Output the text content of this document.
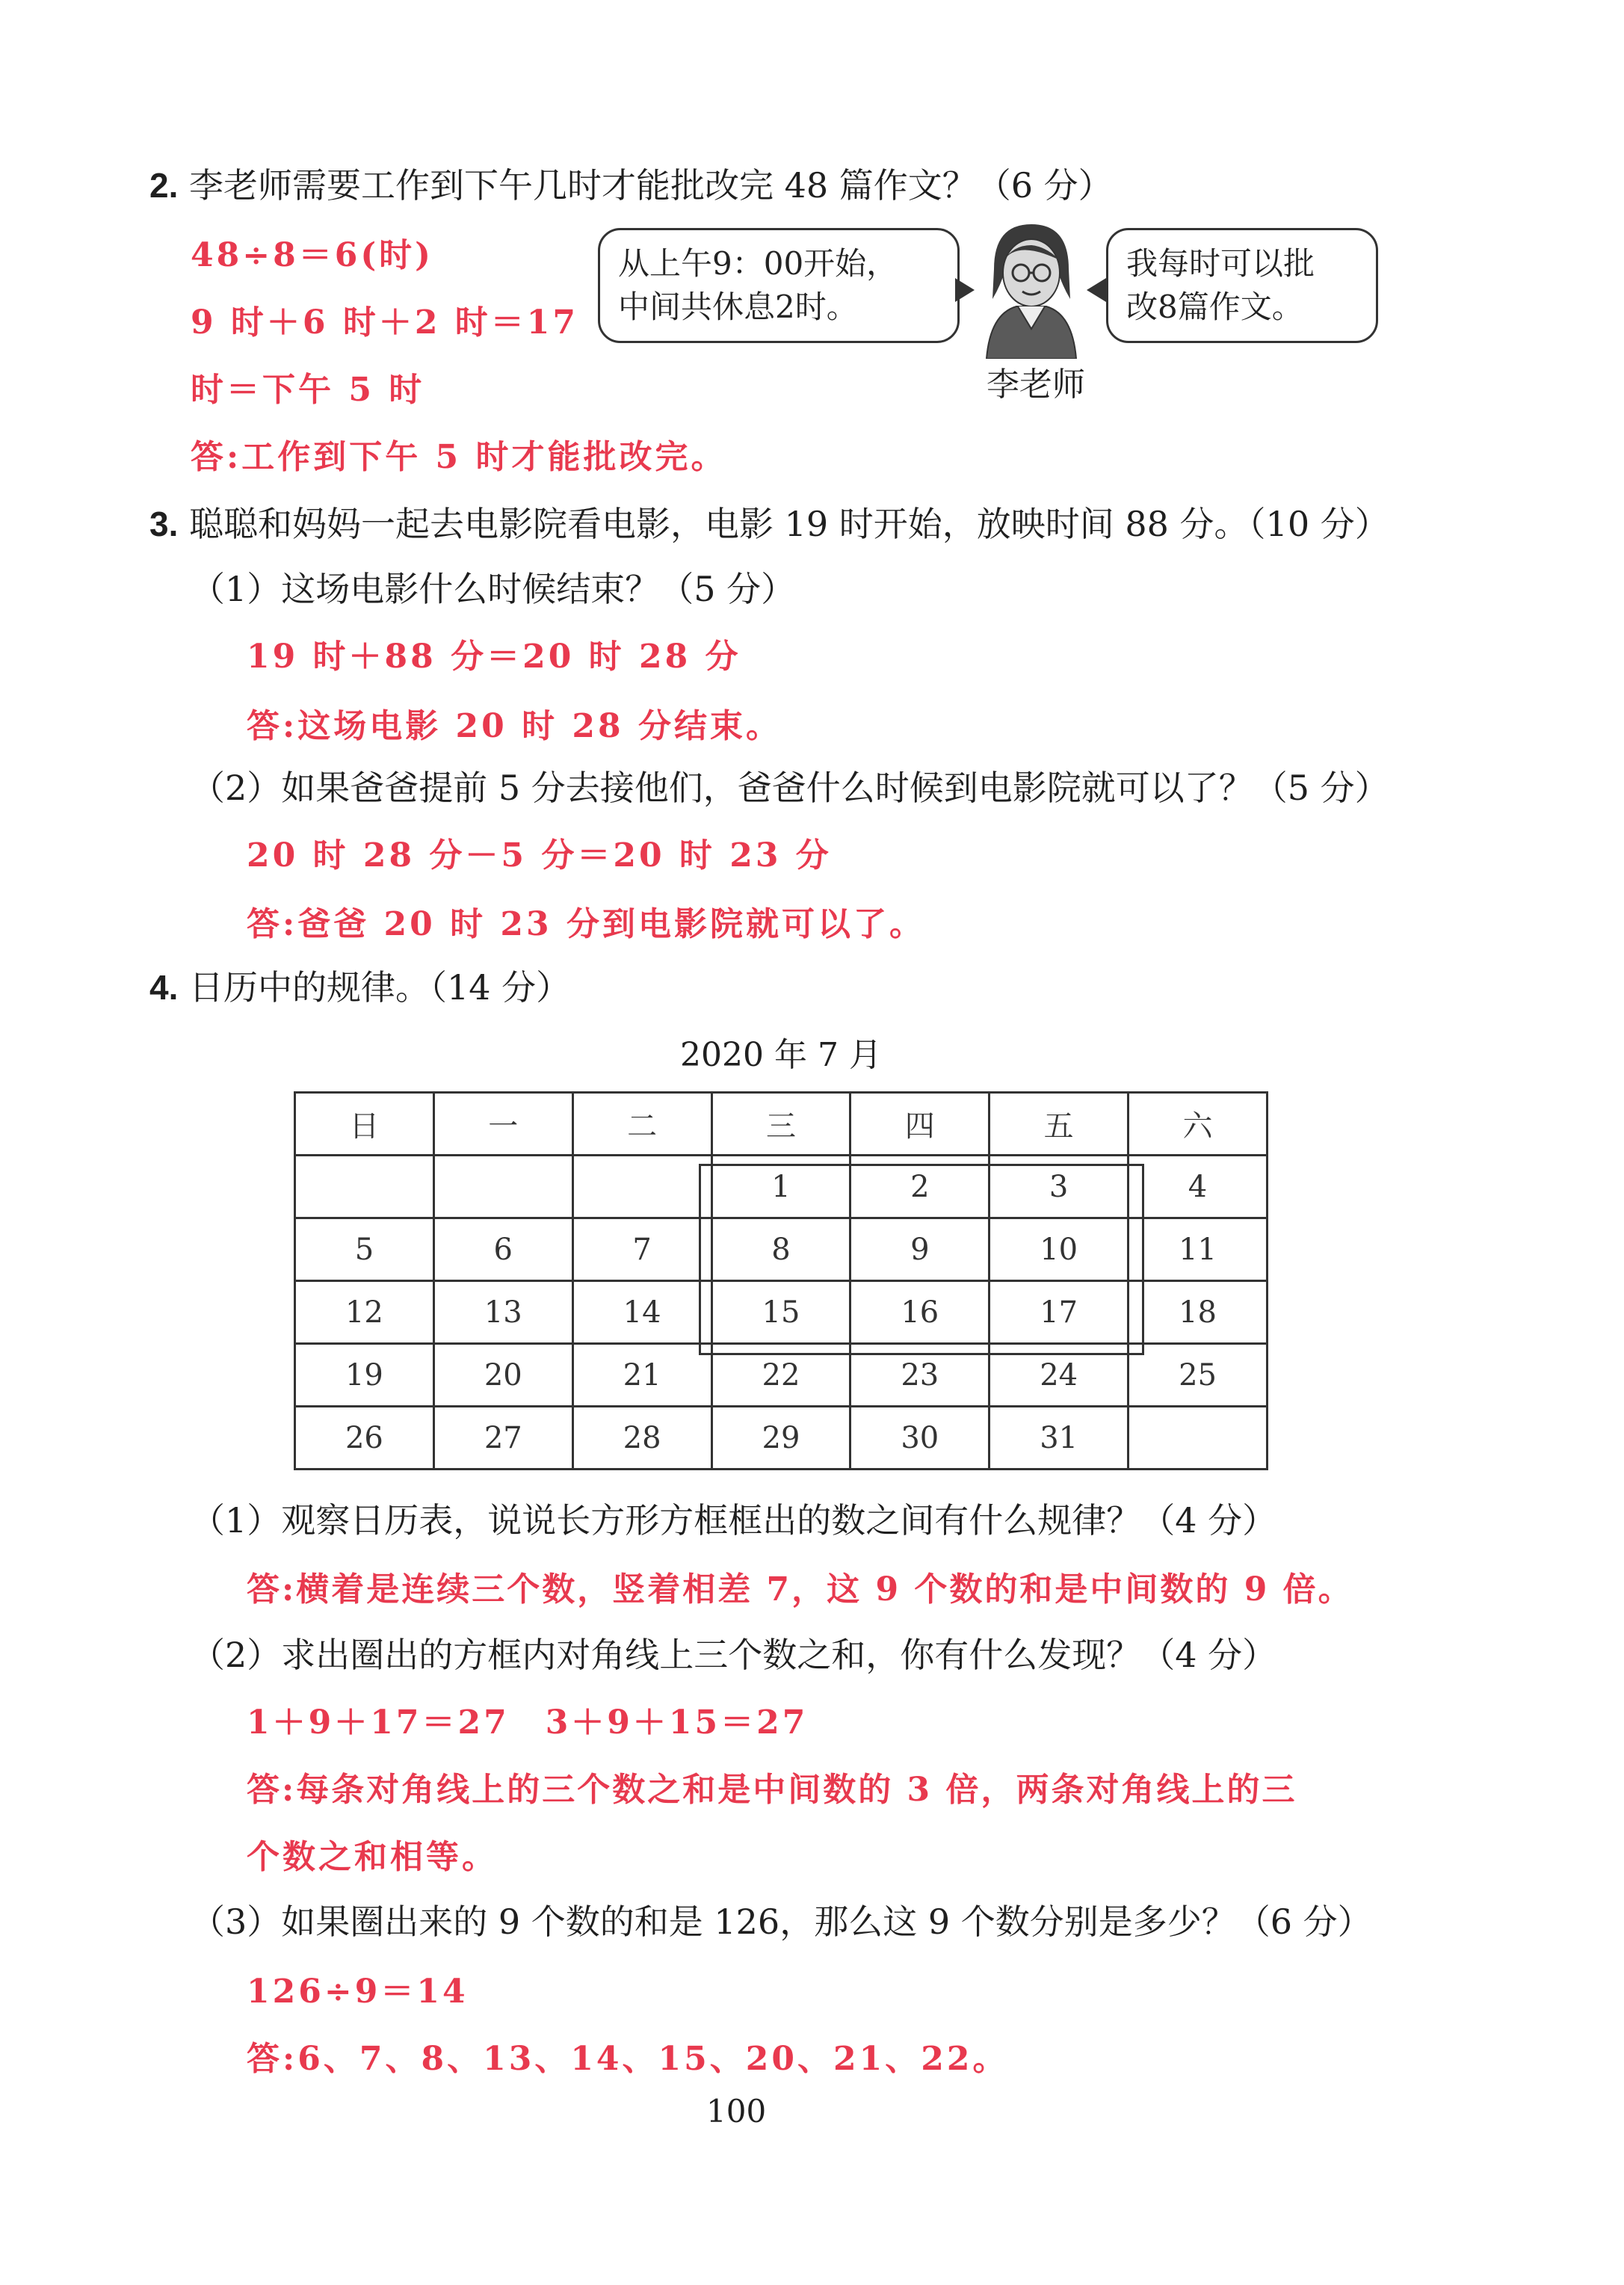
2. 李老师需要工作到下午几时才能批改完 48 篇作文？（6 分）
48÷8＝6(时)
9 时＋6 时＋2 时＝17
时＝下午 5 时
答:工作到下午 5 时才能批改完。
从上午9：00开始，
中间共休息2时。
我每时可以批
改8篇作文。
李老师
3. 聪聪和妈妈一起去电影院看电影，电影 19 时开始，放映时间 88 分。（10 分）
（1）这场电影什么时候结束？（5 分）
19 时＋88 分＝20 时 28 分
答:这场电影 20 时 28 分结束。
（2）如果爸爸提前 5 分去接他们，爸爸什么时候到电影院就可以了？（5 分）
20 时 28 分－5 分＝20 时 23 分
答:爸爸 20 时 23 分到电影院就可以了。
4. 日历中的规律。（14 分）
2020 年 7 月
日	一	二	三	四	五	六
			1	2	3	4
5	6	7	8	9	10	11
12	13	14	15	16	17	18
19	20	21	22	23	24	25
26	27	28	29	30	31	
（1）观察日历表，说说长方形方框框出的数之间有什么规律？（4 分）
答:横着是连续三个数，竖着相差 7，这 9 个数的和是中间数的 9 倍。
（2）求出圈出的方框内对角线上三个数之和，你有什么发现？（4 分）
1＋9＋17＝27　3＋9＋15＝27
答:每条对角线上的三个数之和是中间数的 3 倍，两条对角线上的三
个数之和相等。
（3）如果圈出来的 9 个数的和是 126，那么这 9 个数分别是多少？（6 分）
126÷9＝14
答:6、7、8、13、14、15、20、21、22。
100
